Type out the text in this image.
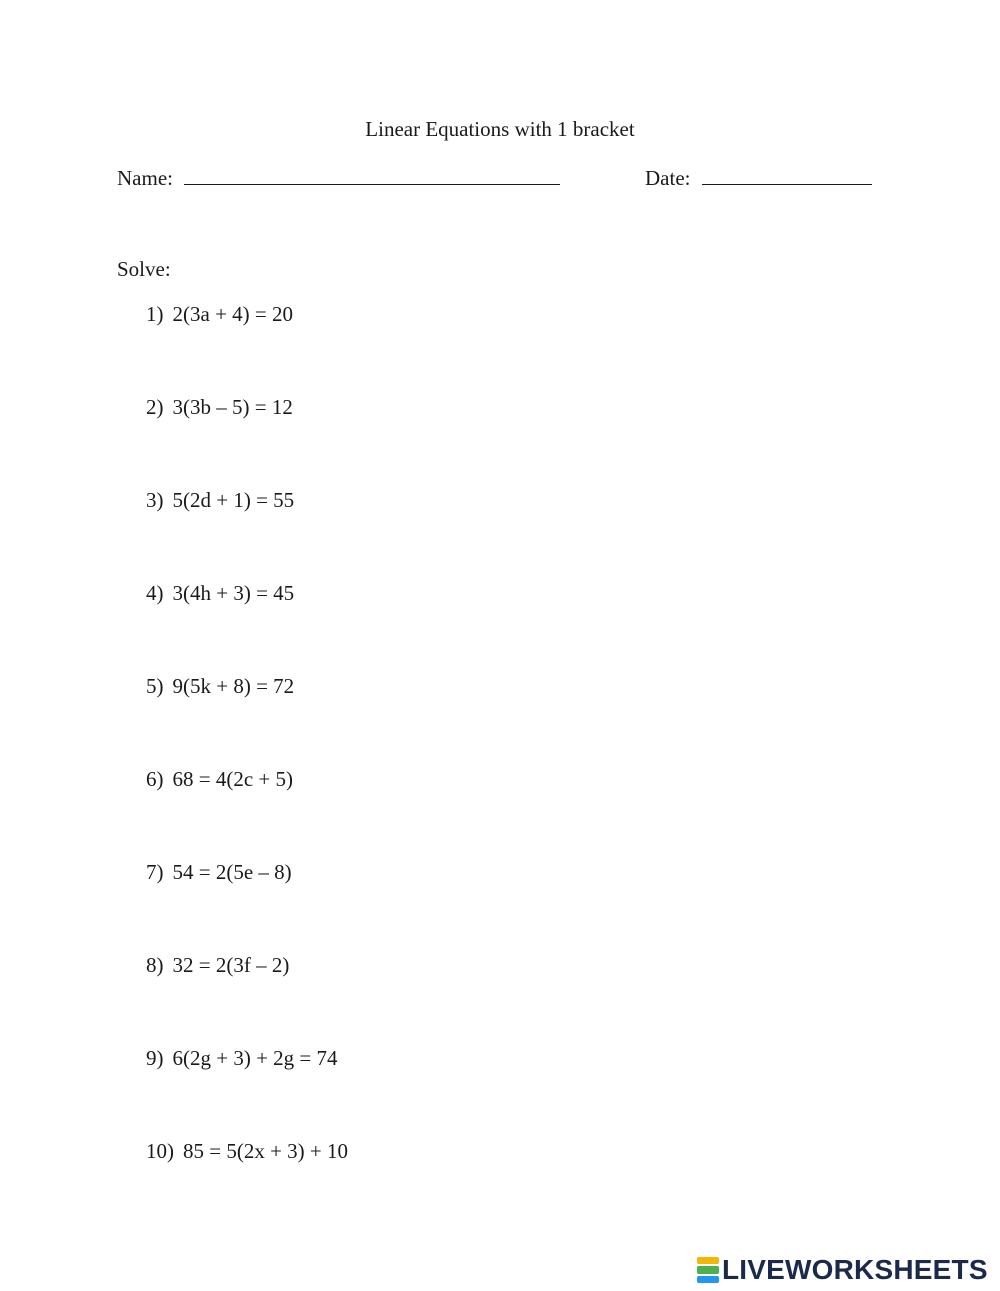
Linear Equations with 1 bracket
Name:	Date:
Solve:
1) 2(3a + 4) = 20
2) 3(3b – 5) = 12
3) 5(2d + 1) = 55
4) 3(4h + 3) = 45
5) 9(5k + 8) = 72
6) 68 = 4(2c + 5)
7) 54 = 2(5e – 8)
8) 32 = 2(3f – 2)
9) 6(2g + 3) + 2g = 74
10) 85 = 5(2x + 3) + 10
LIVEWORKSHEETS
